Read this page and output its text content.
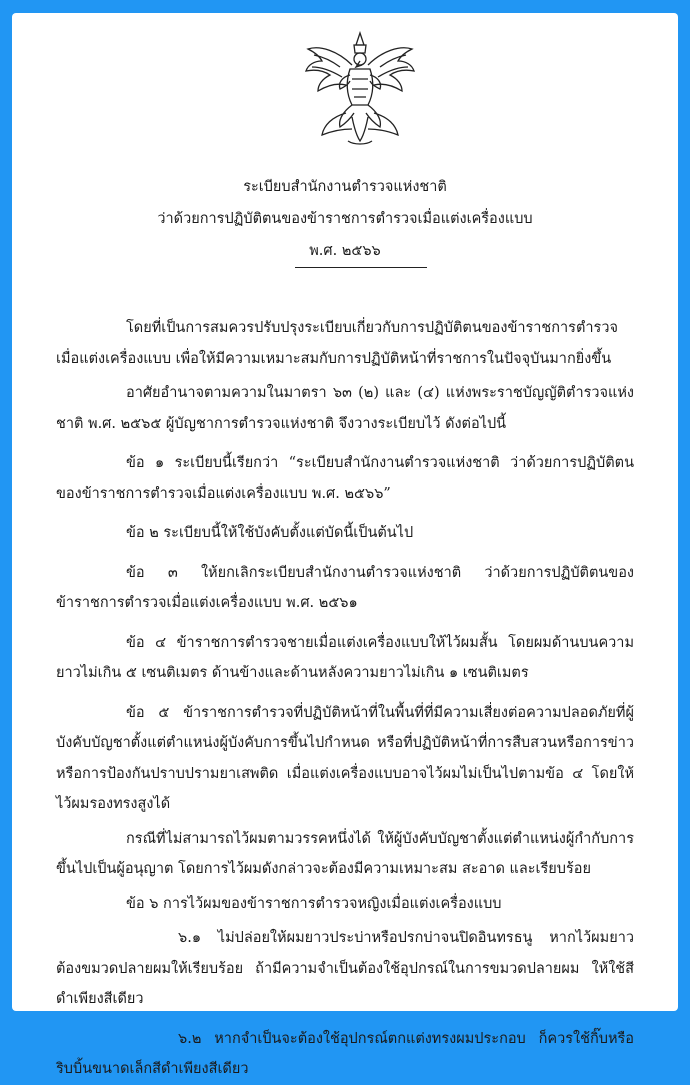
ระเบียบสำนักงานตำรวจแห่งชาติ
ว่าด้วยการปฏิบัติตนของข้าราชการตำรวจเมื่อแต่งเครื่องแบบ
พ.ศ. ๒๕๖๖

โดยที่เป็นการสมควรปรับปรุงระเบียบเกี่ยวกับการปฏิบัติตนของข้าราชการตำรวจเมื่อแต่งเครื่องแบบ เพื่อให้มีความเหมาะสมกับการปฏิบัติหน้าที่ราชการในปัจจุบันมากยิ่งขึ้น

อาศัยอำนาจตามความในมาตรา ๖๓ (๒) และ (๔) แห่งพระราชบัญญัติตำรวจแห่งชาติ พ.ศ. ๒๕๖๕ ผู้บัญชาการตำรวจแห่งชาติ จึงวางระเบียบไว้ ดังต่อไปนี้

ข้อ ๑ ระเบียบนี้เรียกว่า “ระเบียบสำนักงานตำรวจแห่งชาติ ว่าด้วยการปฏิบัติตนของข้าราชการตำรวจเมื่อแต่งเครื่องแบบ พ.ศ. ๒๕๖๖”

ข้อ ๒ ระเบียบนี้ให้ใช้บังคับตั้งแต่บัดนี้เป็นต้นไป

ข้อ ๓ ให้ยกเลิกระเบียบสำนักงานตำรวจแห่งชาติ ว่าด้วยการปฏิบัติตนของข้าราชการตำรวจเมื่อแต่งเครื่องแบบ พ.ศ. ๒๕๖๑

ข้อ ๔ ข้าราชการตำรวจชายเมื่อแต่งเครื่องแบบให้ไว้ผมสั้น โดยผมด้านบนความยาวไม่เกิน ๕ เซนติเมตร ด้านข้างและด้านหลังความยาวไม่เกิน ๑ เซนติเมตร

ข้อ ๕ ข้าราชการตำรวจที่ปฏิบัติหน้าที่ในพื้นที่ที่มีความเสี่ยงต่อความปลอดภัยที่ผู้บังคับบัญชาตั้งแต่ตำแหน่งผู้บังคับการขึ้นไปกำหนด หรือที่ปฏิบัติหน้าที่การสืบสวนหรือการข่าวหรือการป้องกันปราบปรามยาเสพติด เมื่อแต่งเครื่องแบบอาจไว้ผมไม่เป็นไปตามข้อ ๔ โดยให้ไว้ผมรองทรงสูงได้

กรณีที่ไม่สามารถไว้ผมตามวรรคหนึ่งได้ ให้ผู้บังคับบัญชาตั้งแต่ตำแหน่งผู้กำกับการขึ้นไปเป็นผู้อนุญาต โดยการไว้ผมดังกล่าวจะต้องมีความเหมาะสม สะอาด และเรียบร้อย

ข้อ ๖ การไว้ผมของข้าราชการตำรวจหญิงเมื่อแต่งเครื่องแบบ

๖.๑ ไม่ปล่อยให้ผมยาวประบ่าหรือปรกบ่าจนปิดอินทรธนู หากไว้ผมยาวต้องขมวดปลายผมให้เรียบร้อย ถ้ามีความจำเป็นต้องใช้อุปกรณ์ในการขมวดปลายผม ให้ใช้สีดำเพียงสีเดียว

๖.๒ หากจำเป็นจะต้องใช้อุปกรณ์ตกแต่งทรงผมประกอบ ก็ควรใช้กิ๊บหรือริบบิ้นขนาดเล็กสีดำเพียงสีเดียว
